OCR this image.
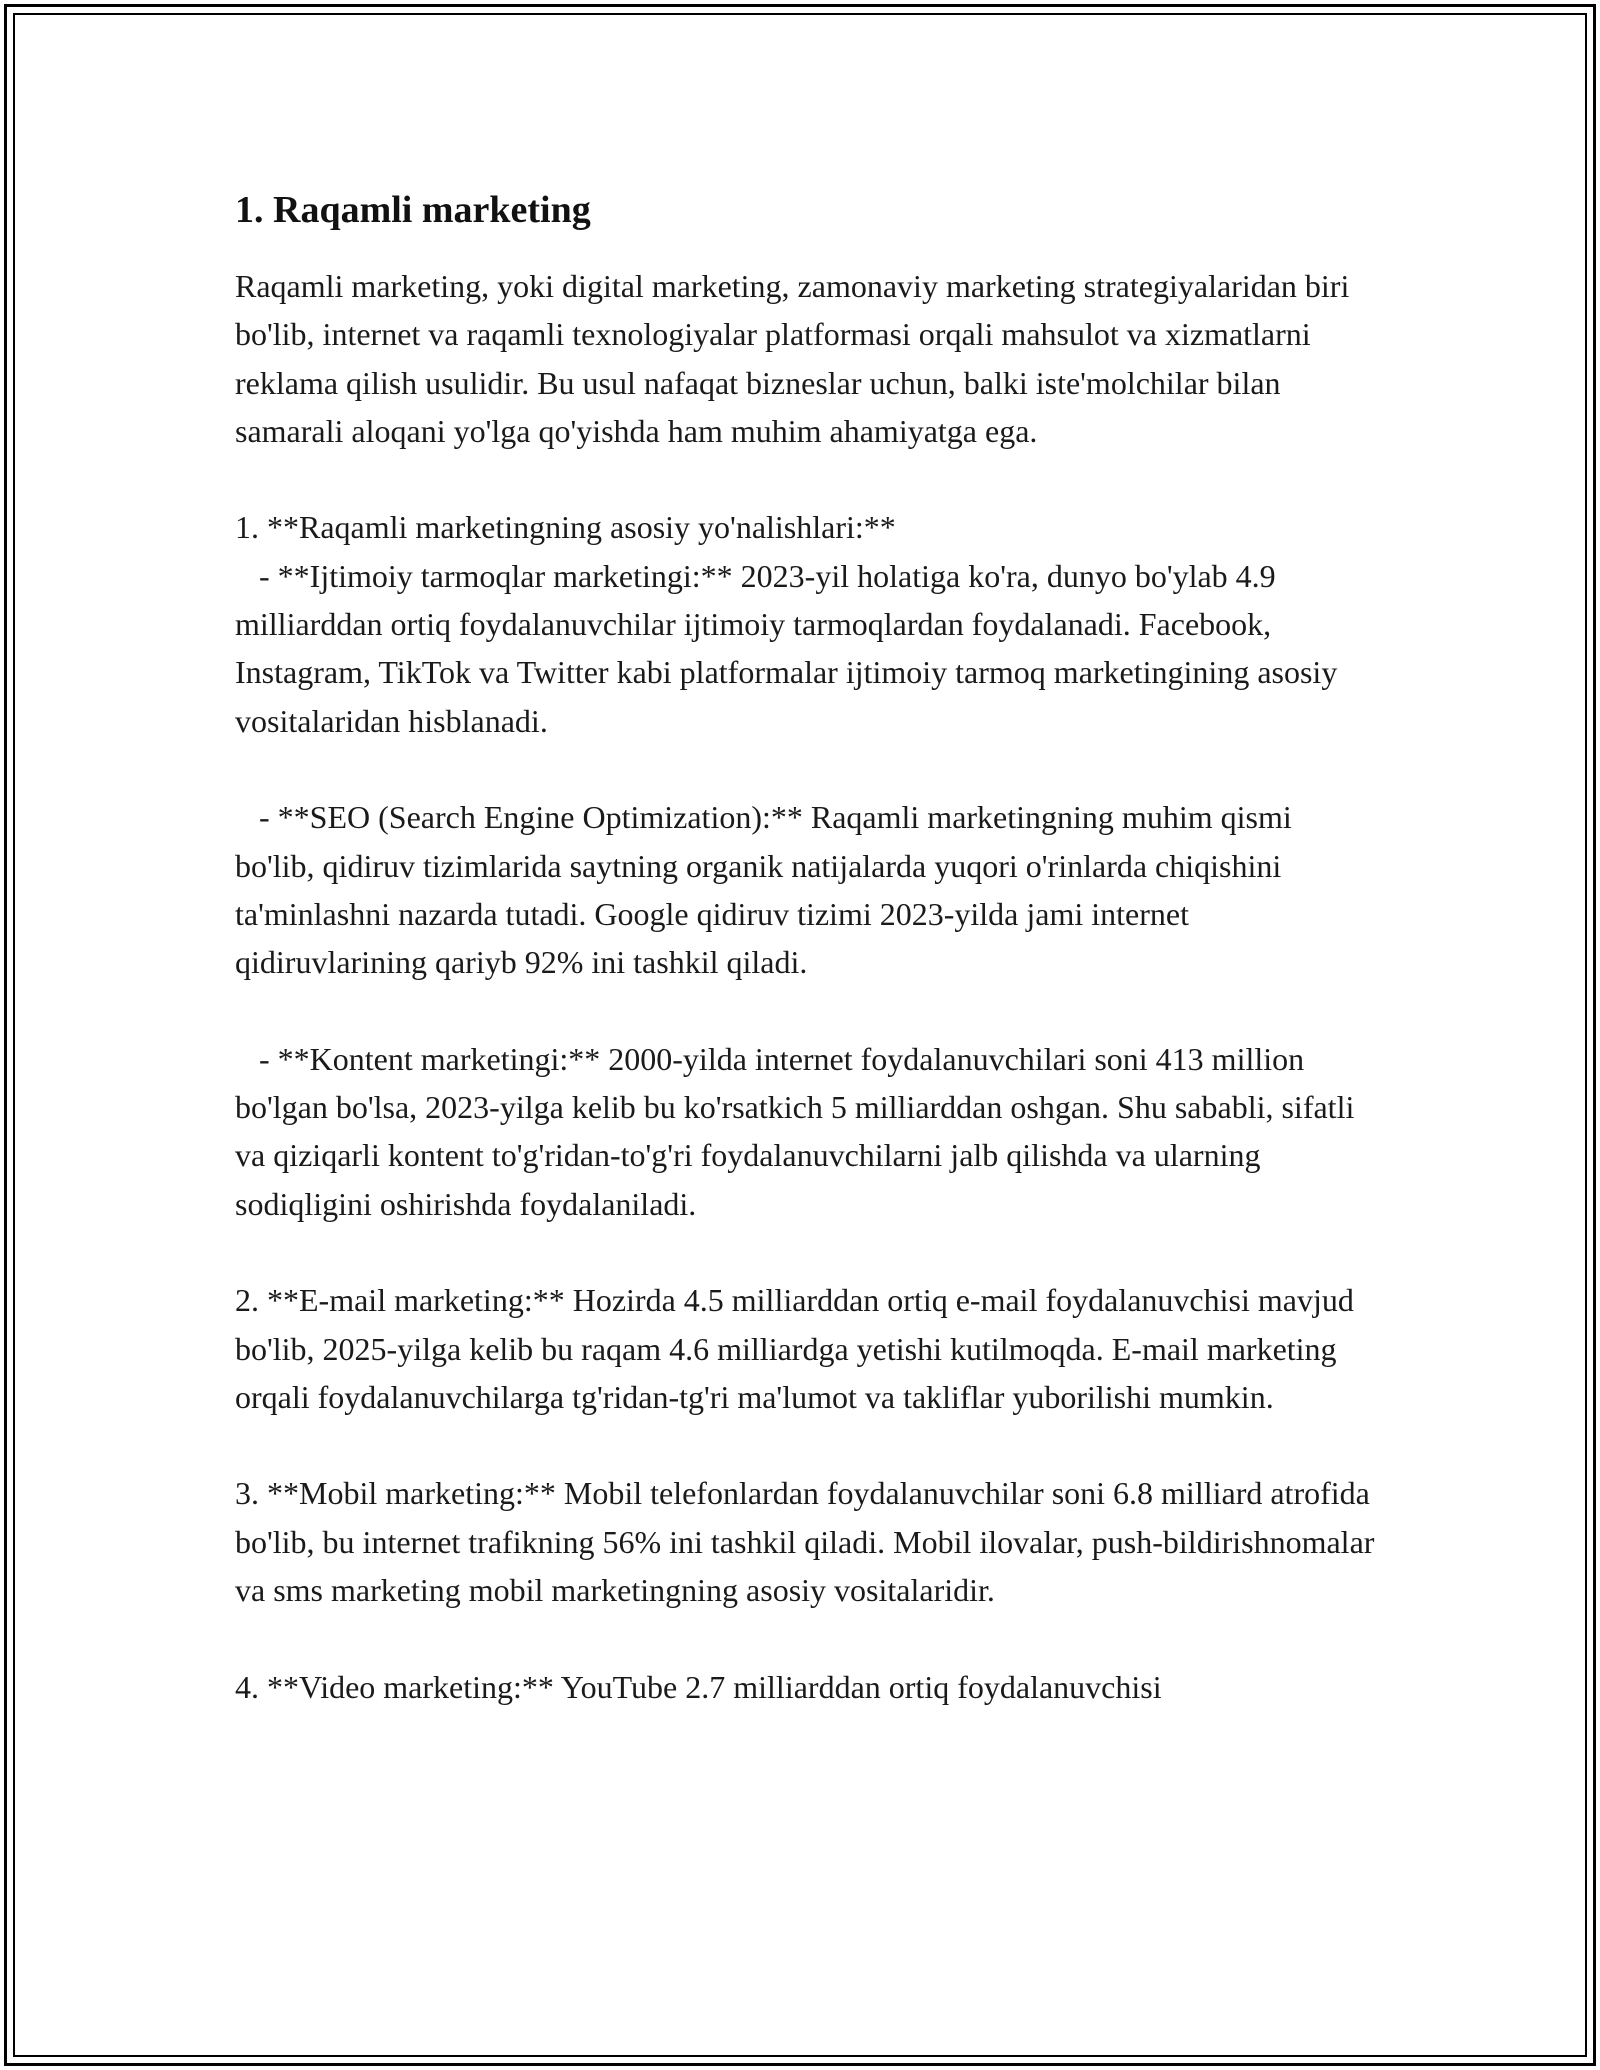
1. Raqamli marketing

Raqamli marketing, yoki digital marketing, zamonaviy marketing strategiyalaridan biri bo'lib, internet va raqamli texnologiyalar platformasi orqali mahsulot va xizmatlarni reklama qilish usulidir. Bu usul nafaqat bizneslar uchun, balki iste'molchilar bilan samarali aloqani yo'lga qo'yishda ham muhim ahamiyatga ega.

1. **Raqamli marketingning asosiy yo'nalishlari:**
- **Ijtimoiy tarmoqlar marketingi:** 2023-yil holatiga ko'ra, dunyo bo'ylab 4.9 milliarddan ortiq foydalanuvchilar ijtimoiy tarmoqlardan foydalanadi. Facebook, Instagram, TikTok va Twitter kabi platformalar ijtimoiy tarmoq marketingining asosiy vositalaridan hisblanadi.

- **SEO (Search Engine Optimization):** Raqamli marketingning muhim qismi bo'lib, qidiruv tizimlarida saytning organik natijalarda yuqori o'rinlarda chiqishini ta'minlashni nazarda tutadi. Google qidiruv tizimi 2023-yilda jami internet qidiruvlarining qariyb 92% ini tashkil qiladi.

- **Kontent marketingi:** 2000-yilda internet foydalanuvchilari soni 413 million bo'lgan bo'lsa, 2023-yilga kelib bu ko'rsatkich 5 milliarddan oshgan. Shu sababli, sifatli va qiziqarli kontent to'g'ridan-to'g'ri foydalanuvchilarni jalb qilishda va ularning sodiqligini oshirishda foydalaniladi.

2. **E-mail marketing:** Hozirda 4.5 milliarddan ortiq e-mail foydalanuvchisi mavjud bo'lib, 2025-yilga kelib bu raqam 4.6 milliardga yetishi kutilmoqda. E-mail marketing orqali foydalanuvchilarga tg'ridan-tg'ri ma'lumot va takliflar yuborilishi mumkin.

3. **Mobil marketing:** Mobil telefonlardan foydalanuvchilar soni 6.8 milliard atrofida bo'lib, bu internet trafikning 56% ini tashkil qiladi. Mobil ilovalar, push-bildirishnomalar va sms marketing mobil marketingning asosiy vositalaridir.

4. **Video marketing:** YouTube 2.7 milliarddan ortiq foydalanuvchisi
